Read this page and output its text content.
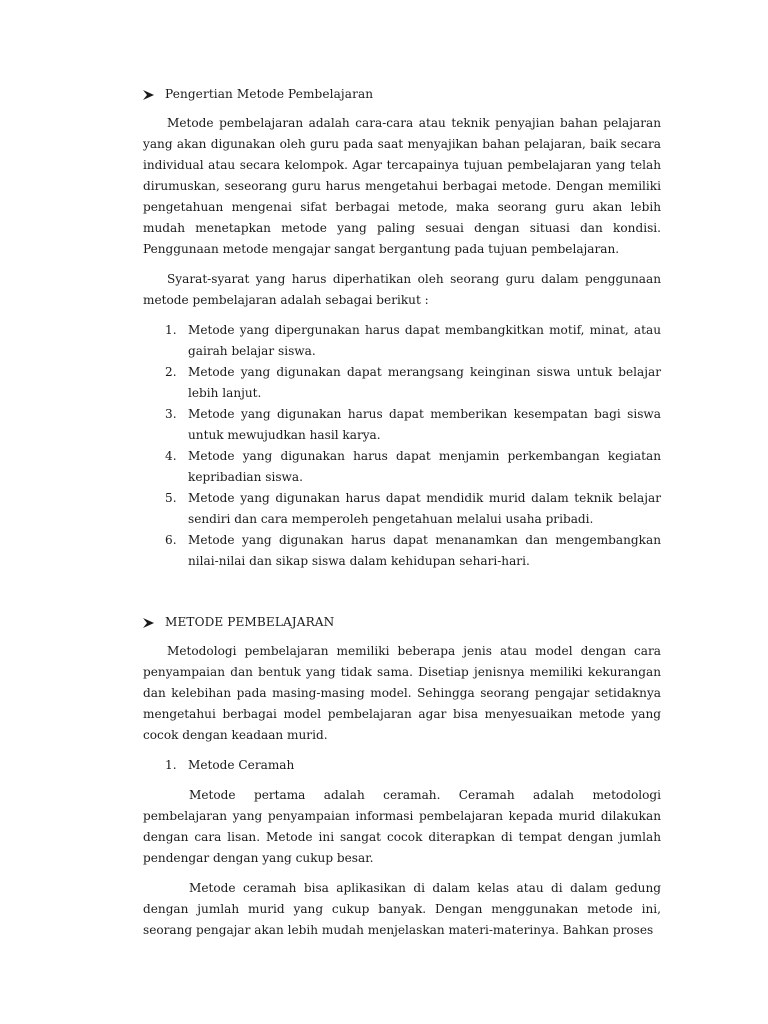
Pengertian Metode Pembelajaran

Metode pembelajaran adalah cara-cara atau teknik penyajian bahan pelajaran yang akan digunakan oleh guru pada saat menyajikan bahan pelajaran, baik secara individual atau secara kelompok. Agar tercapainya tujuan pembelajaran yang telah dirumuskan, seseorang guru harus mengetahui berbagai metode. Dengan memiliki pengetahuan mengenai sifat berbagai metode, maka seorang guru akan lebih mudah menetapkan metode yang paling sesuai dengan situasi dan kondisi. Penggunaan metode mengajar sangat bergantung pada tujuan pembelajaran.

Syarat-syarat yang harus diperhatikan oleh seorang guru dalam penggunaan metode pembelajaran adalah sebagai berikut :

1. Metode yang dipergunakan harus dapat membangkitkan motif, minat, atau gairah belajar siswa.
2. Metode yang digunakan dapat merangsang keinginan siswa untuk belajar lebih lanjut.
3. Metode yang digunakan harus dapat memberikan kesempatan bagi siswa untuk mewujudkan hasil karya.
4. Metode yang digunakan harus dapat menjamin perkembangan kegiatan kepribadian siswa.
5. Metode yang digunakan harus dapat mendidik murid dalam teknik belajar sendiri dan cara memperoleh pengetahuan melalui usaha pribadi.
6. Metode yang digunakan harus dapat menanamkan dan mengembangkan nilai-nilai dan sikap siswa dalam kehidupan sehari-hari.
METODE PEMBELAJARAN

Metodologi pembelajaran memiliki beberapa jenis atau model dengan cara penyampaian dan bentuk yang tidak sama. Disetiap jenisnya memiliki kekurangan dan kelebihan pada masing-masing model. Sehingga seorang pengajar setidaknya mengetahui berbagai model pembelajaran agar bisa menyesuaikan metode yang cocok dengan keadaan murid.

1. Metode Ceramah

Metode pertama adalah ceramah. Ceramah adalah metodologi pembelajaran yang penyampaian informasi pembelajaran kepada murid dilakukan dengan cara lisan. Metode ini sangat cocok diterapkan di tempat dengan jumlah pendengar dengan yang cukup besar.

Metode ceramah bisa aplikasikan di dalam kelas atau di dalam gedung dengan jumlah murid yang cukup banyak. Dengan menggunakan metode ini, seorang pengajar akan lebih mudah menjelaskan materi-materinya. Bahkan proses
